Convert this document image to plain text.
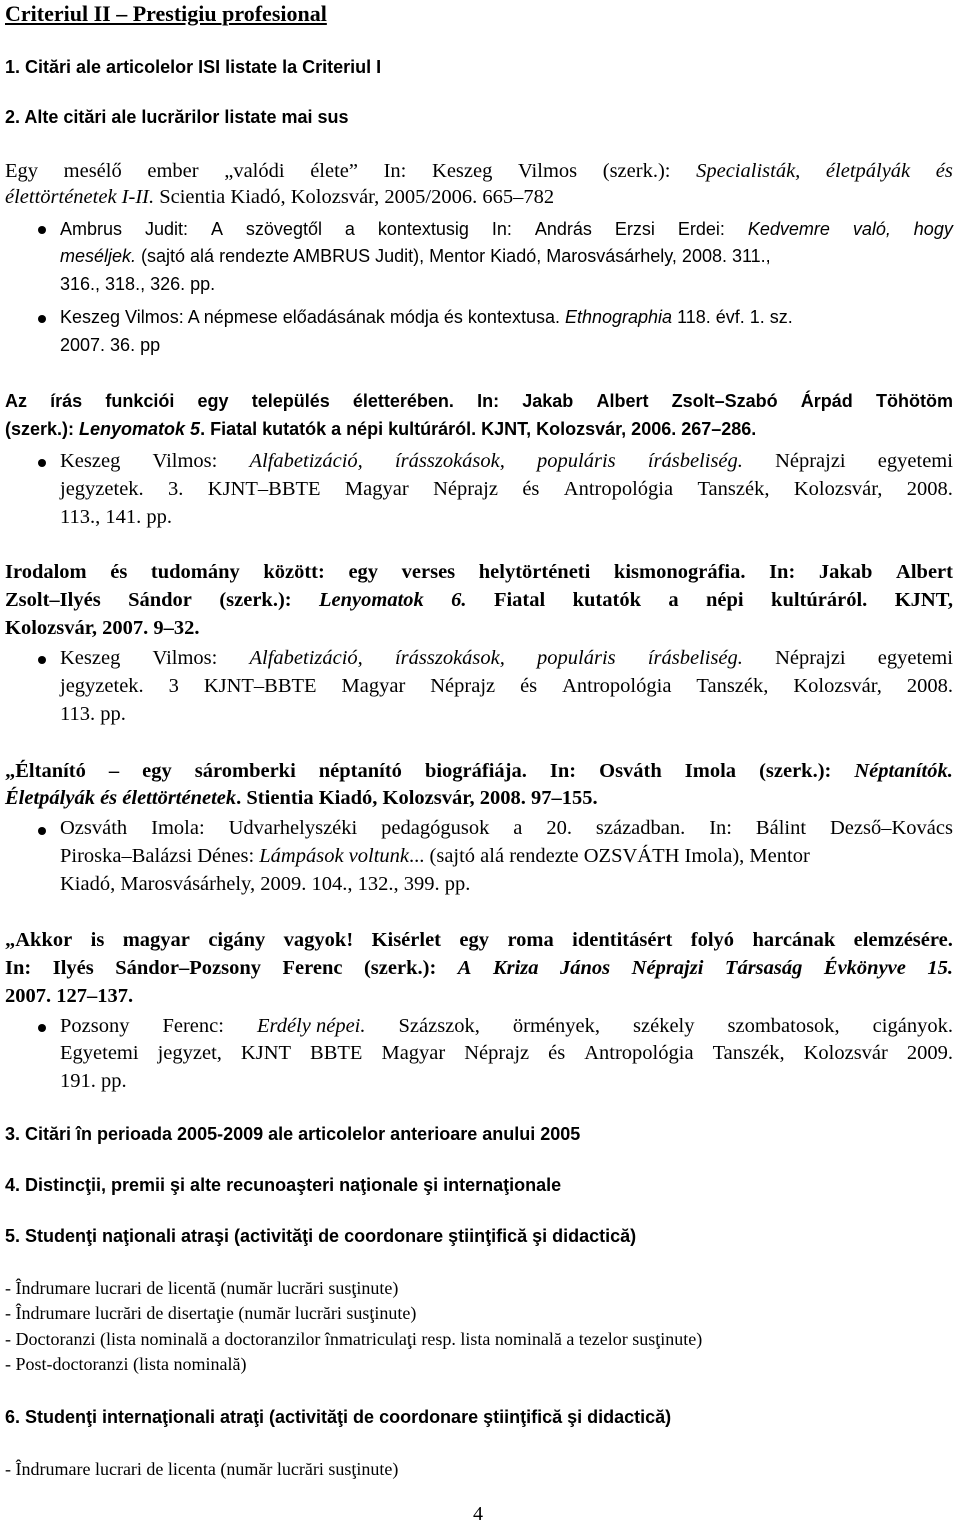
Criteriul II – Prestigiu profesional
1. Citări ale articolelor ISI listate la Criteriul I
2. Alte citări ale lucrărilor listate mai sus
Egy mesélő ember „valódi élete” In: Keszeg Vilmos (szerk.): Specialisták, életpályák és
élettörténetek I-II. Scientia Kiadó, Kolozsvár, 2005/2006. 665–782
Ambrus Judit: A szövegtől a kontextusig In: András Erzsi Erdei: Kedvemre való, hogy
meséljek. (sajtó alá rendezte AMBRUS Judit), Mentor Kiadó, Marosvásárhely, 2008. 311.,
316., 318., 326. pp.
Keszeg Vilmos: A népmese előadásának módja és kontextusa. Ethnographia 118. évf. 1. sz.
2007. 36. pp
Az írás funkciói egy település életterében. In: Jakab Albert Zsolt–Szabó Árpád Töhötöm
(szerk.): Lenyomatok 5. Fiatal kutatók a népi kultúráról. KJNT, Kolozsvár, 2006. 267–286.
Keszeg Vilmos: Alfabetizáció, írásszokások, populáris írásbeliség. Néprajzi egyetemi
jegyzetek. 3. KJNT–BBTE Magyar Néprajz és Antropológia Tanszék, Kolozsvár, 2008.
113., 141. pp.
Irodalom és tudomány között: egy verses helytörténeti kismonográfia. In: Jakab Albert
Zsolt–Ilyés Sándor (szerk.): Lenyomatok 6. Fiatal kutatók a népi kultúráról. KJNT,
Kolozsvár, 2007. 9–32.
Keszeg Vilmos: Alfabetizáció, írásszokások, populáris írásbeliség. Néprajzi egyetemi
jegyzetek. 3 KJNT–BBTE Magyar Néprajz és Antropológia Tanszék, Kolozsvár, 2008.
113. pp.
„Éltanító – egy sáromberki néptanító biográfiája. In: Osváth Imola (szerk.): Néptanítók.
Életpályák és élettörténetek. Stientia Kiadó, Kolozsvár, 2008. 97–155.
Ozsváth Imola: Udvarhelyszéki pedagógusok a 20. században. In: Bálint Dezső–Kovács
Piroska–Balázsi Dénes: Lámpások voltunk... (sajtó alá rendezte OZSVÁTH Imola), Mentor
Kiadó, Marosvásárhely, 2009. 104., 132., 399. pp.
„Akkor is magyar cigány vagyok! Kisérlet egy roma identitásért folyó harcának elemzésére.
In: Ilyés Sándor–Pozsony Ferenc (szerk.): A Kriza János Néprajzi Társaság Évkönyve 15.
2007. 127–137.
Pozsony Ferenc: Erdély népei. Százszok, örmények, székely szombatosok, cigányok.
Egyetemi jegyzet, KJNT BBTE Magyar Néprajz és Antropológia Tanszék, Kolozsvár 2009.
191. pp.
3. Citări în perioada 2005-2009 ale articolelor anterioare anului 2005
4. Distincţii, premii şi alte recunoaşteri naţionale şi internaţionale
5. Studenţi naţionali atraşi (activităţi de coordonare ştiinţifică şi didactică)
- Îndrumare lucrari de licentă (număr lucrări susţinute)
- Îndrumare lucrări de disertaţie (număr lucrări susţinute)
- Doctoranzi (lista nominală a doctoranzilor înmatriculaţi resp. lista nominală a tezelor susţinute)
- Post-doctoranzi (lista nominală)
6. Studenţi internaţionali atraţi (activităţi de coordonare ştiinţifică şi didactică)
- Îndrumare lucrari de licenta (număr lucrări susţinute)
4
